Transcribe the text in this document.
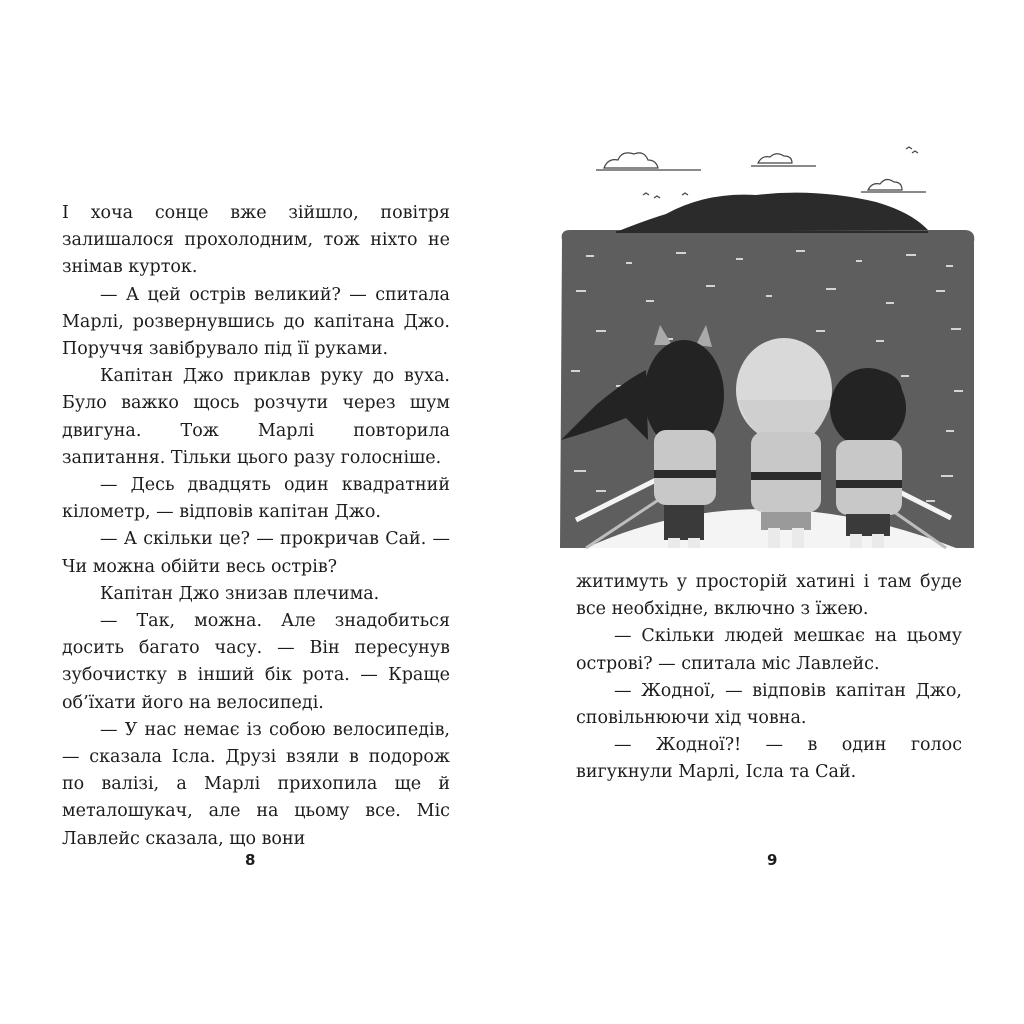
І хоча сонце вже зійшло, повітря залишалося прохолодним, тож ніхто не знімав курток.

— А цей острів великий? — спитала Марлі, розвернувшись до капітана Джо. Поруччя завібрувало під її руками.

Капітан Джо приклав руку до вуха. Було важко щось розчути через шум двигуна. Тож Марлі повторила запитання. Тільки цього разу голосніше.

— Десь двадцять один квадратний кілометр, — відповів капітан Джо.

— А скільки це? — прокричав Сай. — Чи можна обійти весь острів?

Капітан Джо знизав плечима.

— Так, можна. Але знадобиться досить багато часу. — Він пересунув зубочистку в інший бік рота. — Краще об’їхати його на велосипеді.

— У нас немає із собою велосипедів, — сказала Ісла. Друзі взяли в подорож по валізі, а Марлі прихопила ще й металошукач, але на цьому все. Міс Лавлейс сказала, що вони

8

житимуть у просторій хатині і там буде все необхідне, включно з їжею.

— Скільки людей мешкає на цьому острові? — спитала міс Лавлейс.

— Жодної, — відповів капітан Джо, сповільнюючи хід човна.

— Жодної?! — в один голос вигукнули Марлі, Ісла та Сай.

9
